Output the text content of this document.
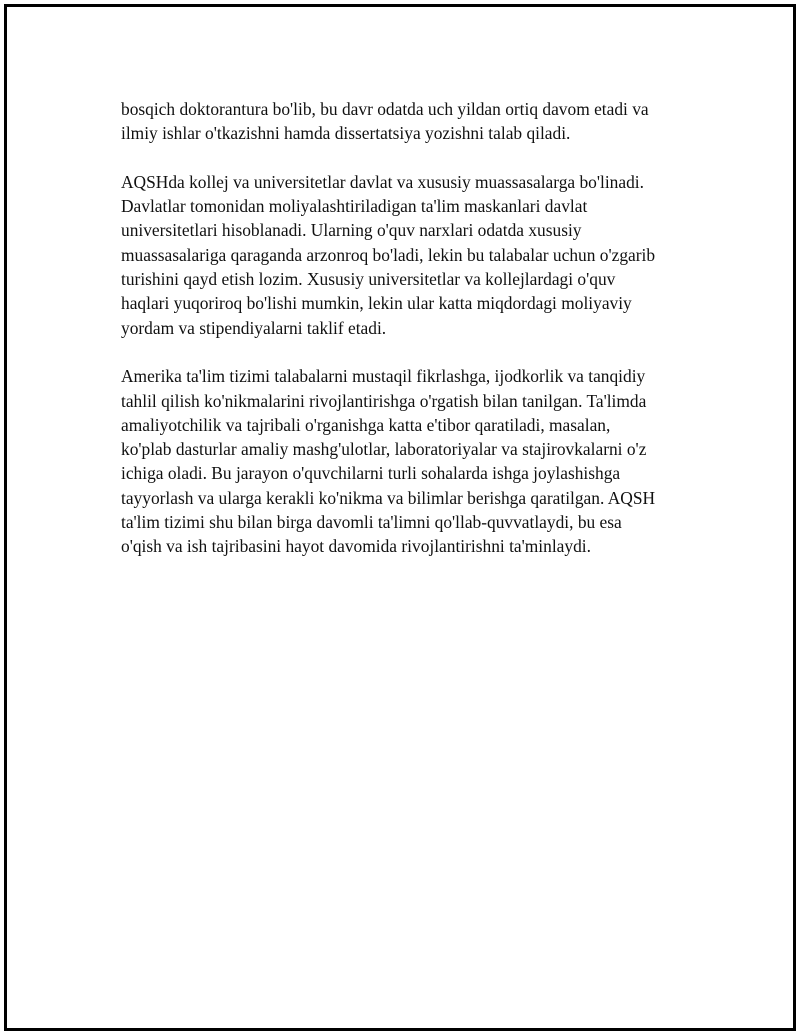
bosqich doktorantura bo'lib, bu davr odatda uch yildan ortiq davom etadi va
ilmiy ishlar o'tkazishni hamda dissertatsiya yozishni talab qiladi.

AQSHda kollej va universitetlar davlat va xususiy muassasalarga bo'linadi.
Davlatlar tomonidan moliyalashtiriladigan ta'lim maskanlari davlat
universitetlari hisoblanadi. Ularning o'quv narxlari odatda xususiy
muassasalariga qaraganda arzonroq bo'ladi, lekin bu talabalar uchun o'zgarib
turishini qayd etish lozim. Xususiy universitetlar va kollejlardagi o'quv
haqlari yuqoriroq bo'lishi mumkin, lekin ular katta miqdordagi moliyaviy
yordam va stipendiyalarni taklif etadi.

Amerika ta'lim tizimi talabalarni mustaqil fikrlashga, ijodkorlik va tanqidiy
tahlil qilish ko'nikmalarini rivojlantirishga o'rgatish bilan tanilgan. Ta'limda
amaliyotchilik va tajribali o'rganishga katta e'tibor qaratiladi, masalan,
ko'plab dasturlar amaliy mashg'ulotlar, laboratoriyalar va stajirovkalarni o'z
ichiga oladi. Bu jarayon o'quvchilarni turli sohalarda ishga joylashishga
tayyorlash va ularga kerakli ko'nikma va bilimlar berishga qaratilgan. AQSH
ta'lim tizimi shu bilan birga davomli ta'limni qo'llab-quvvatlaydi, bu esa
o'qish va ish tajribasini hayot davomida rivojlantirishni ta'minlaydi.
